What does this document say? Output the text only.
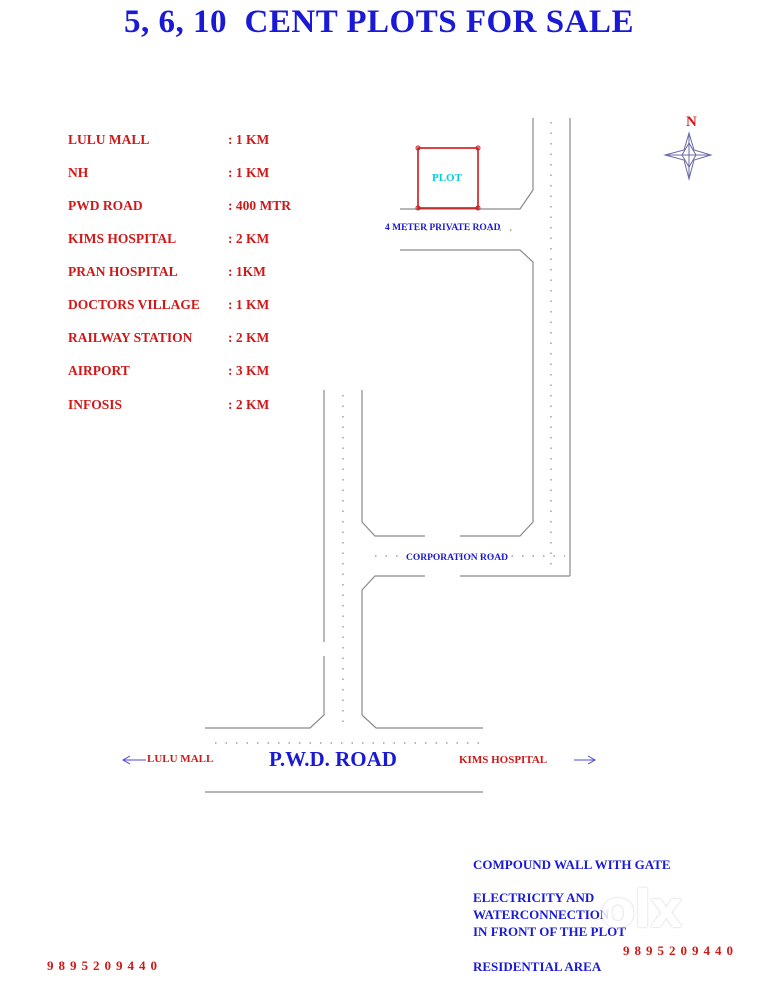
5, 6, 10  CENT PLOTS FOR SALE
LULU MALL	: 1 KM
NH	: 1 KM
PWD ROAD	: 400 MTR
KIMS HOSPITAL	: 2 KM
PRAN HOSPITAL	: 1KM
DOCTORS VILLAGE : 1 KM
RAILWAY STATION	: 2 KM
AIRPORT	: 3 KM
INFOSIS	: 2 KM
N
PLOT
4 METER PRIVATE ROAD
CORPORATION ROAD
P.W.D. ROAD
LULU MALL	KIMS HOSPITAL
COMPOUND WALL WITH GATE
ELECTRICITY AND
WATERCONNECTION
IN FRONT OF THE PLOT
9895209440
RESIDENTIAL AREA
9895209440
olx
